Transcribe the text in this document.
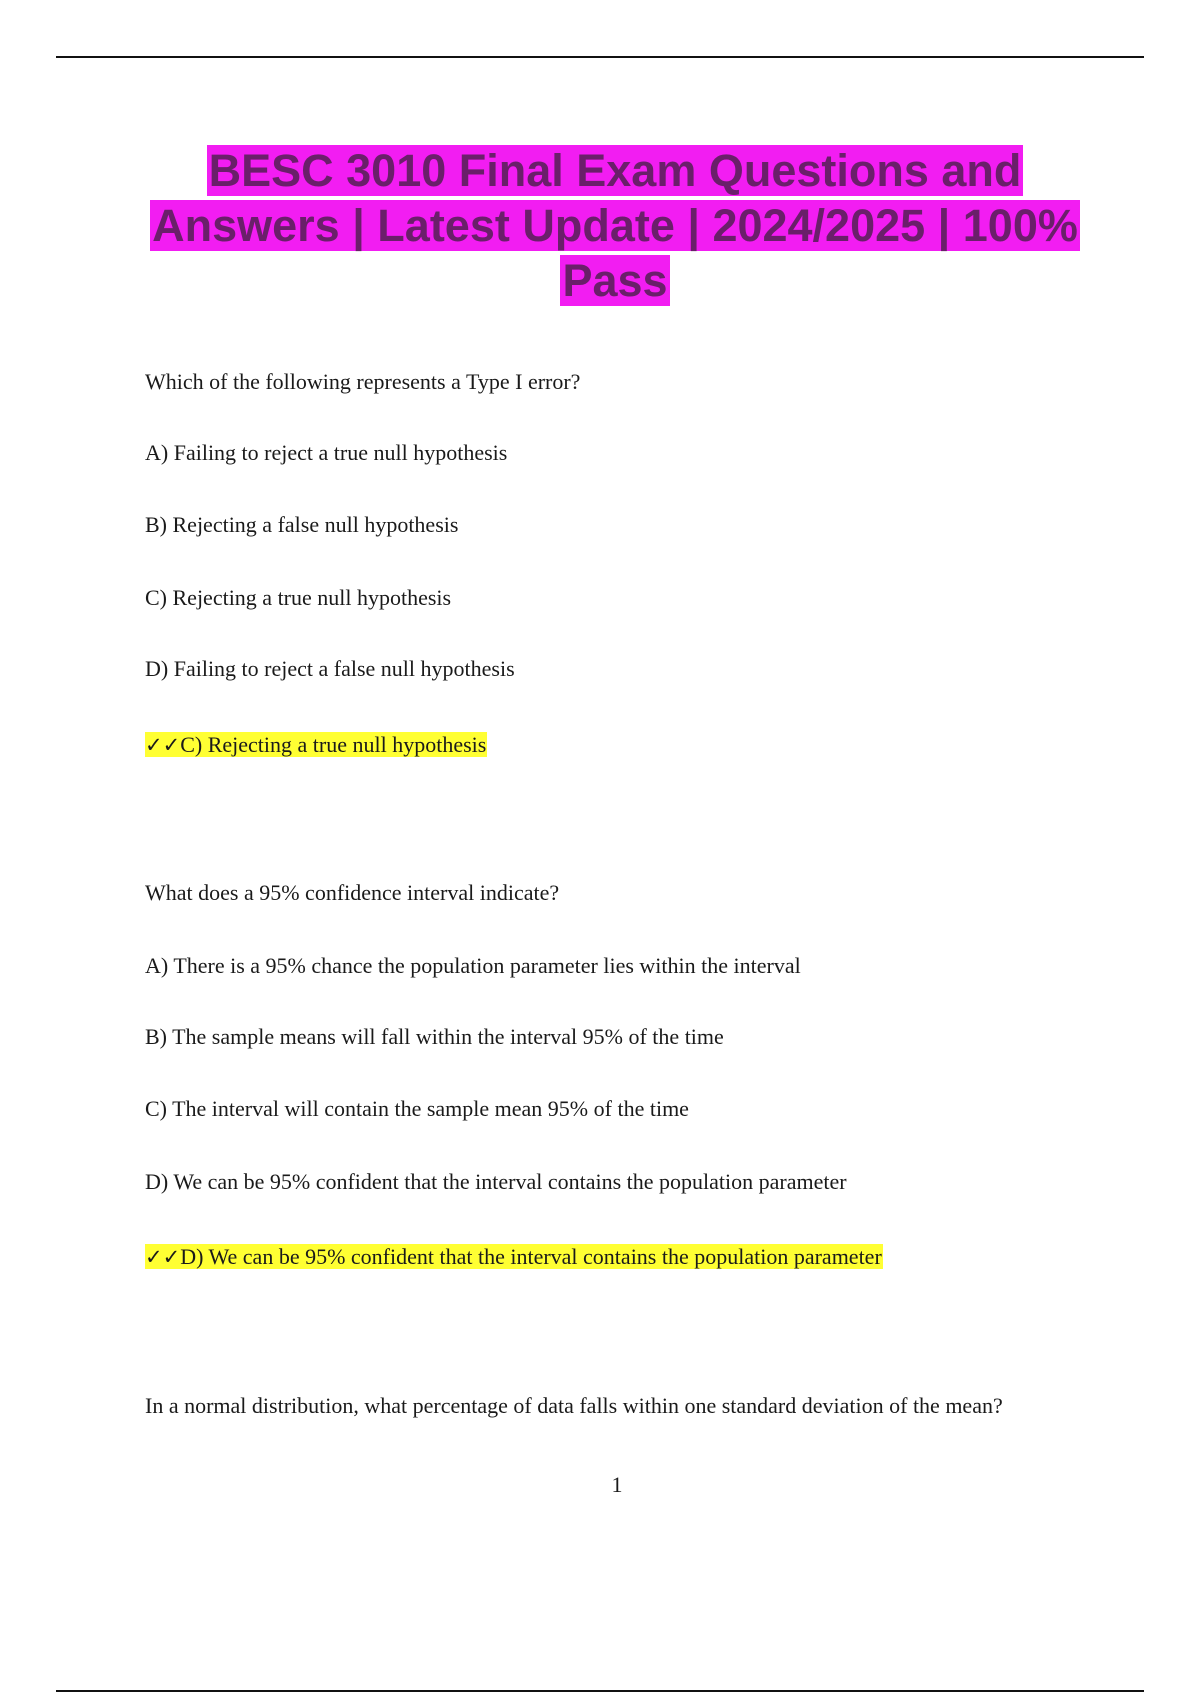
BESC 3010 Final Exam Questions and Answers | Latest Update | 2024/2025 | 100% Pass
Which of the following represents a Type I error?
A) Failing to reject a true null hypothesis
B) Rejecting a false null hypothesis
C) Rejecting a true null hypothesis
D) Failing to reject a false null hypothesis
✓✓C) Rejecting a true null hypothesis
What does a 95% confidence interval indicate?
A) There is a 95% chance the population parameter lies within the interval
B) The sample means will fall within the interval 95% of the time
C) The interval will contain the sample mean 95% of the time
D) We can be 95% confident that the interval contains the population parameter
✓✓D) We can be 95% confident that the interval contains the population parameter
In a normal distribution, what percentage of data falls within one standard deviation of the mean?
1
